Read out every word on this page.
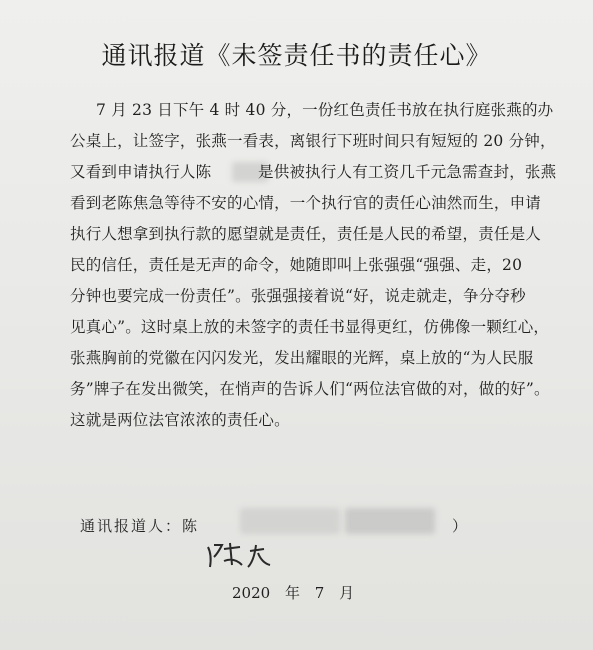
通讯报道《未签责任书的责任心》
7 月 23 日下午 4 时 40 分，一份红色责任书放在执行庭张燕的办
公桌上，让签字，张燕一看表，离银行下班时间只有短短的 20 分钟，
又看到申请执行人陈	是供被执行人有工资几千元急需查封，张燕
看到老陈焦急等待不安的心情，一个执行官的责任心油然而生，申请
执行人想拿到执行款的愿望就是责任，责任是人民的希望，责任是人
民的信任，责任是无声的命令，她随即叫上张强强“强强、走，20
分钟也要完成一份责任”。张强强接着说“好，说走就走，争分夺秒
见真心”。这时桌上放的未签字的责任书显得更红，仿佛像一颗红心，
张燕胸前的党徽在闪闪发光，发出耀眼的光辉，桌上放的“为人民服
务”牌子在发出微笑，在悄声的告诉人们“两位法官做的对，做的好”。
这就是两位法官浓浓的责任心。
通讯报道人：陈	）
2020 年 7 月
